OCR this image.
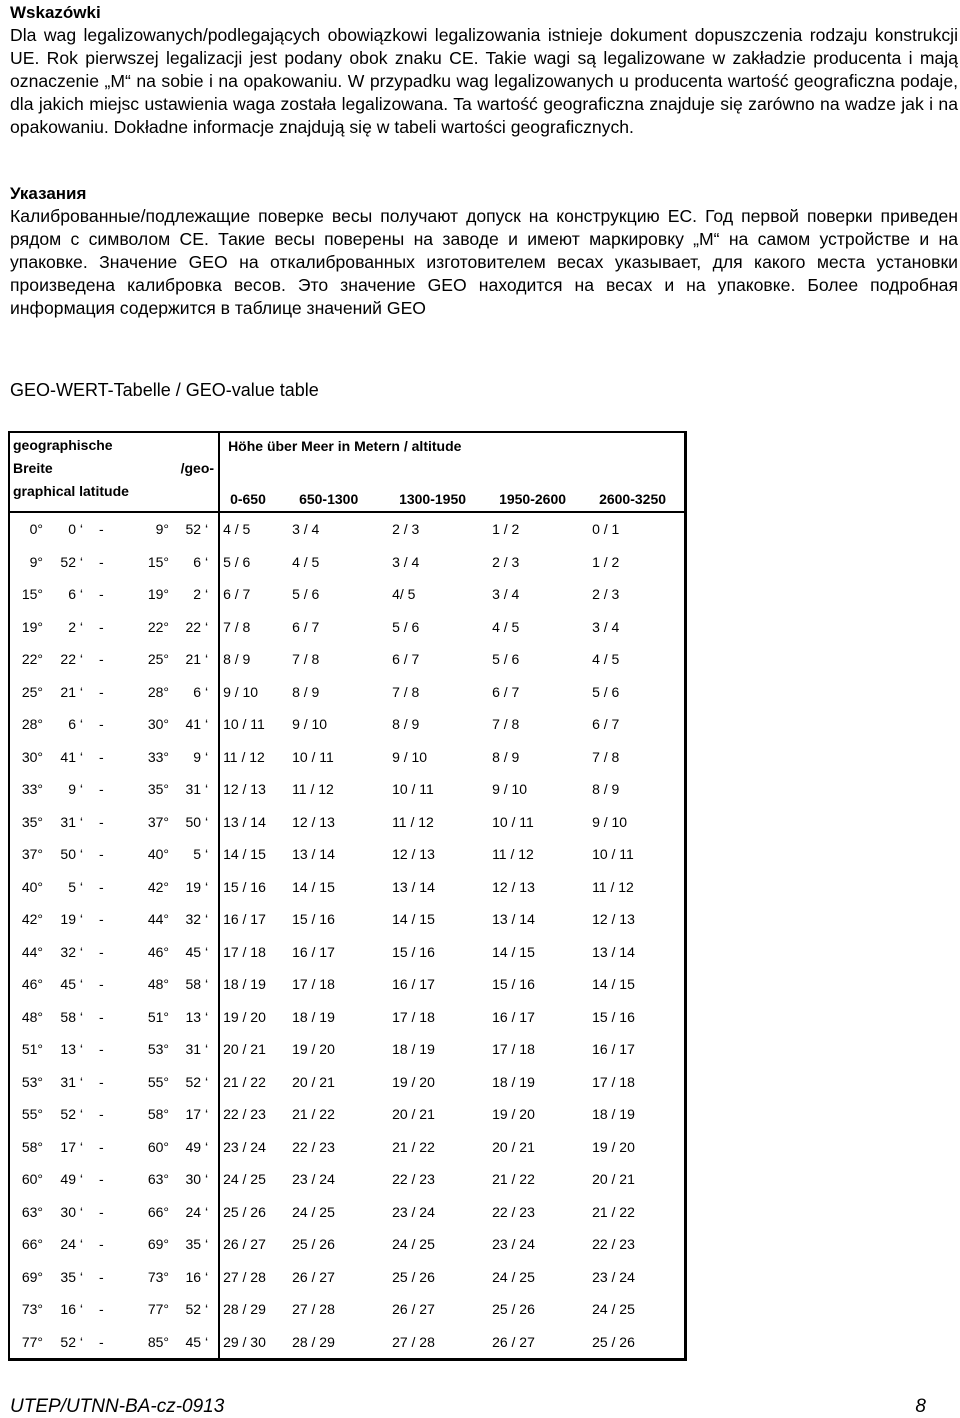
Wskazówki
Dla wag legalizowanych/podlegających obowiązkowi legalizowania istnieje dokument dopuszczenia rodzaju konstrukcji UE. Rok pierwszej legalizacji jest podany obok znaku CE. Takie wagi są legalizowane w zakładzie producenta i mają oznaczenie „M“ na sobie i na opakowaniu. W przypadku wag legalizowanych u producenta wartość geograficzna podaje, dla jakich miejsc ustawienia waga została legalizowana. Ta wartość geograficzna znajduje się zarówno na wadze jak i na opakowaniu. Dokładne informacje znajdują się w tabeli wartości geograficznych.
Указания
Калиброванные/подлежащие поверке весы получают допуск на конструкцию ЕС. Год первой поверки приведен рядом с символом СЕ. Такие весы поверены на заводе и имеют маркировку „M“ на самом устройстве и на упаковке. Значение GEO на откалиброванных изготовителем весах указывает, для какого места установки произведена калибровка весов. Это значение GEO находится на весах и на упаковке. Более подробная информация содержится в таблице значений GEO
GEO-WERT-Tabelle / GEO-value table
geographische
Breite /geo-
graphical latitude					Höhe über Meer in Metern / altitude				
					0-650	650-1300	1300-1950	1950-2600	2600-3250
0°	0 ‘	-	9°	52 ‘	4 / 5	3 / 4	2 / 3	1 / 2	0 / 1
9°	52 ‘	-	15°	6 ‘	5 / 6	4 / 5	3 / 4	2 / 3	1 / 2
15°	6 ‘	-	19°	2 ‘	6 / 7	5 / 6	4/ 5	3 / 4	2 / 3
19°	2 ‘	-	22°	22 ‘	7 / 8	6 / 7	5 / 6	4 / 5	3 / 4
22°	22 ‘	-	25°	21 ‘	8 / 9	7 / 8	6 / 7	5 / 6	4 / 5
25°	21 ‘	-	28°	6 ‘	9 / 10	8 / 9	7 / 8	6 / 7	5 / 6
28°	6 ‘	-	30°	41 ‘	10 / 11	9 / 10	8 / 9	7 / 8	6 / 7
30°	41 ‘	-	33°	9 ‘	11 / 12	10 / 11	9 / 10	8 / 9	7 / 8
33°	9 ‘	-	35°	31 ‘	12 / 13	11 / 12	10 / 11	9 / 10	8 / 9
35°	31 ‘	-	37°	50 ‘	13 / 14	12 / 13	11 / 12	10 / 11	9 / 10
37°	50 ‘	-	40°	5 ‘	14 / 15	13 / 14	12 / 13	11 / 12	10 / 11
40°	5 ‘	-	42°	19 ‘	15 / 16	14 / 15	13 / 14	12 / 13	11 / 12
42°	19 ‘	-	44°	32 ‘	16 / 17	15 / 16	14 / 15	13 / 14	12 / 13
44°	32 ‘	-	46°	45 ‘	17 / 18	16 / 17	15 / 16	14 / 15	13 / 14
46°	45 ‘	-	48°	58 ‘	18 / 19	17 / 18	16 / 17	15 / 16	14 / 15
48°	58 ‘	-	51°	13 ‘	19 / 20	18 / 19	17 / 18	16 / 17	15 / 16
51°	13 ‘	-	53°	31 ‘	20 / 21	19 / 20	18 / 19	17 / 18	16 / 17
53°	31 ‘	-	55°	52 ‘	21 / 22	20 / 21	19 / 20	18 / 19	17 / 18
55°	52 ‘	-	58°	17 ‘	22 / 23	21 / 22	20 / 21	19 / 20	18 / 19
58°	17 ‘	-	60°	49 ‘	23 / 24	22 / 23	21 / 22	20 / 21	19 / 20
60°	49 ‘	-	63°	30 ‘	24 / 25	23 / 24	22 / 23	21 / 22	20 / 21
63°	30 ‘	-	66°	24 ‘	25 / 26	24 / 25	23 / 24	22 / 23	21 / 22
66°	24 ‘	-	69°	35 ‘	26 / 27	25 / 26	24 / 25	23 / 24	22 / 23
69°	35 ‘	-	73°	16 ‘	27 / 28	26 / 27	25 / 26	24 / 25	23 / 24
73°	16 ‘	-	77°	52 ‘	28 / 29	27 / 28	26 / 27	25 / 26	24 / 25
77°	52 ‘	-	85°	45 ‘	29 / 30	28 / 29	27 / 28	26 / 27	25 / 26
UTEP/UTNN-BA-cz-0913	8
